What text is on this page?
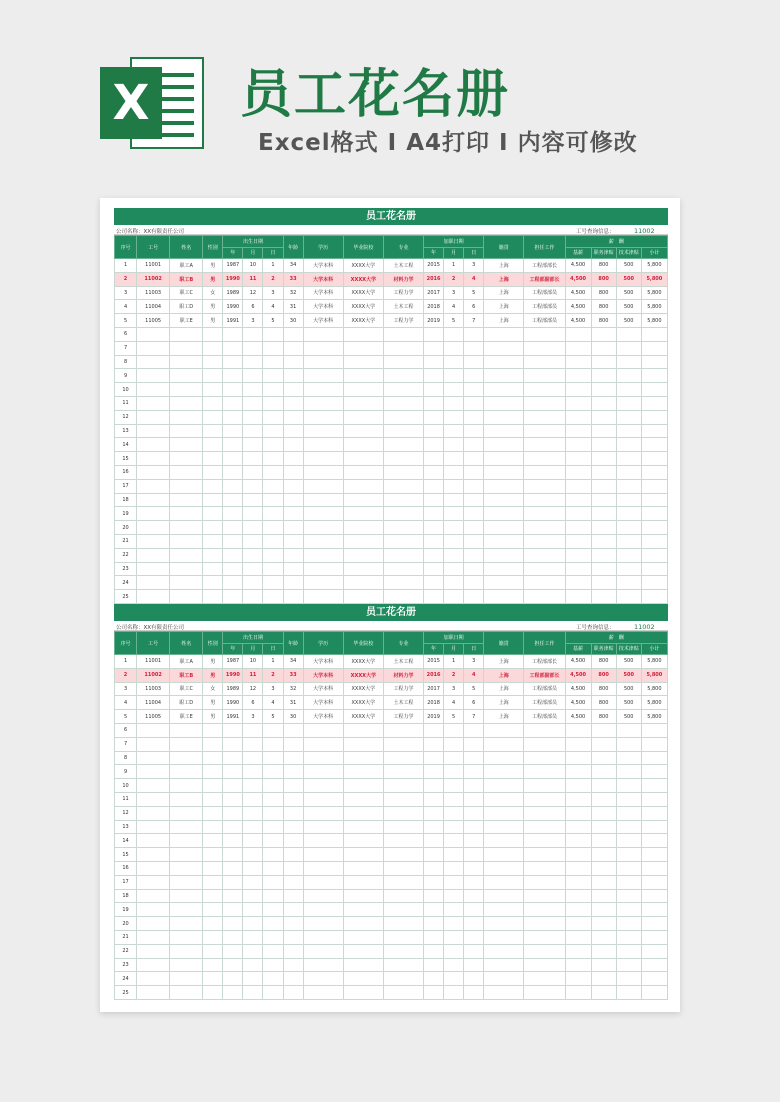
X 员工花名册
Excel格式 I A4打印 I 内容可修改
员工花名册
公司名称：XX有限责任公司	工号查询信息：	11002
序号	工号	姓名	性别	出生日期			年龄	学历	毕业院校	专业	加职日期			籍贯	担任工作	薪　酬			
				年	月	日					年	月	日			基薪	职务津贴	技术津贴	小计
1	11001	职工A	男	1987	10	1	34	大学本科	XXXX大学	土木工程	2015	1	3	上海	工程部部长	4,500	800	500	5,800
2	11002	职工B	男	1990	11	2	33	大学本科	XXXX大学	材料力学	2016	2	4	上海	工程部副部长	4,500	800	500	5,800
3	11003	职工C	女	1989	12	3	32	大学本科	XXXX大学	工程力学	2017	3	5	上海	工程部部员	4,500	800	500	5,800
4	11004	职工D	男	1990	6	4	31	大学本科	XXXX大学	土木工程	2018	4	6	上海	工程部部员	4,500	800	500	5,800
5	11005	职工E	男	1991	3	5	30	大学本科	XXXX大学	工程力学	2019	5	7	上海	工程部部员	4,500	800	500	5,800
6																			
7																			
8																			
9																			
10																			
11																			
12																			
13																			
14																			
15																			
16																			
17																			
18																			
19																			
20																			
21																			
22																			
23																			
24																			
25																			
员工花名册
公司名称：XX有限责任公司	工号查询信息：	11002
序号	工号	姓名	性别	出生日期			年龄	学历	毕业院校	专业	加职日期			籍贯	担任工作	薪　酬			
				年	月	日					年	月	日			基薪	职务津贴	技术津贴	小计
1	11001	职工A	男	1987	10	1	34	大学本科	XXXX大学	土木工程	2015	1	3	上海	工程部部长	4,500	800	500	5,800
2	11002	职工B	男	1990	11	2	33	大学本科	XXXX大学	材料力学	2016	2	4	上海	工程部副部长	4,500	800	500	5,800
3	11003	职工C	女	1989	12	3	32	大学本科	XXXX大学	工程力学	2017	3	5	上海	工程部部员	4,500	800	500	5,800
4	11004	职工D	男	1990	6	4	31	大学本科	XXXX大学	土木工程	2018	4	6	上海	工程部部员	4,500	800	500	5,800
5	11005	职工E	男	1991	3	5	30	大学本科	XXXX大学	工程力学	2019	5	7	上海	工程部部员	4,500	800	500	5,800
6																			
7																			
8																			
9																			
10																			
11																			
12																			
13																			
14																			
15																			
16																			
17																			
18																			
19																			
20																			
21																			
22																			
23																			
24																			
25																			
